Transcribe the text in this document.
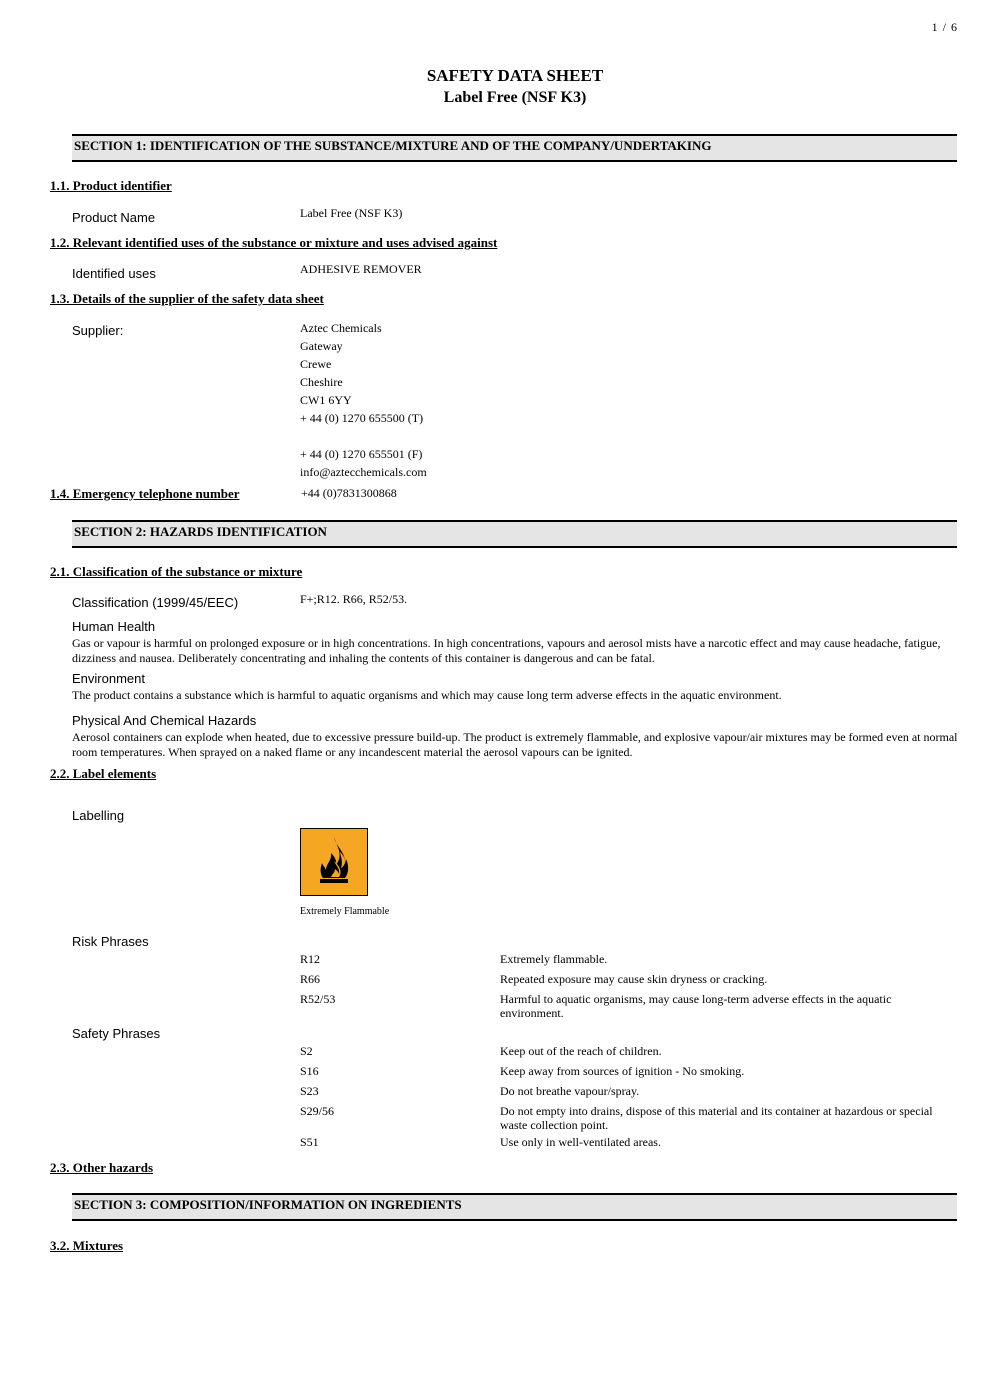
1 / 6
SAFETY DATA SHEET
Label Free (NSF K3)
SECTION 1: IDENTIFICATION OF THE SUBSTANCE/MIXTURE AND OF THE COMPANY/UNDERTAKING
1.1. Product identifier
Product Name	Label Free (NSF K3)
1.2. Relevant identified uses of the substance or mixture and uses advised against
Identified uses	ADHESIVE REMOVER
1.3. Details of the supplier of the safety data sheet
Supplier:	Aztec Chemicals
Gateway
Crewe
Cheshire
CW1 6YY
+ 44 (0) 1270 655500 (T)
+ 44 (0) 1270 655501 (F)
info@aztecchemicals.com
1.4. Emergency telephone number	+44 (0)7831300868
SECTION 2: HAZARDS IDENTIFICATION
2.1. Classification of the substance or mixture
Classification (1999/45/EEC)	F+;R12. R66, R52/53.
Human Health
Gas or vapour is harmful on prolonged exposure or in high concentrations. In high concentrations, vapours and aerosol mists have a narcotic effect and may cause headache, fatigue, dizziness and nausea. Deliberately concentrating and inhaling the contents of this container is dangerous and can be fatal.
Environment
The product contains a substance which is harmful to aquatic organisms and which may cause long term adverse effects in the aquatic environment.
Physical And Chemical Hazards
Aerosol containers can explode when heated, due to excessive pressure build-up. The product is extremely flammable, and explosive vapour/air mixtures may be formed even at normal room temperatures. When sprayed on a naked flame or any incandescent material the aerosol vapours can be ignited.
2.2. Label elements
Labelling
Extremely Flammable
Risk Phrases
R12	Extremely flammable.
R66	Repeated exposure may cause skin dryness or cracking.
R52/53	Harmful to aquatic organisms, may cause long-term adverse effects in the aquatic environment.
Safety Phrases
S2	Keep out of the reach of children.
S16	Keep away from sources of ignition - No smoking.
S23	Do not breathe vapour/spray.
S29/56	Do not empty into drains, dispose of this material and its container at hazardous or special waste collection point.
S51	Use only in well-ventilated areas.
2.3. Other hazards
SECTION 3: COMPOSITION/INFORMATION ON INGREDIENTS
3.2. Mixtures
